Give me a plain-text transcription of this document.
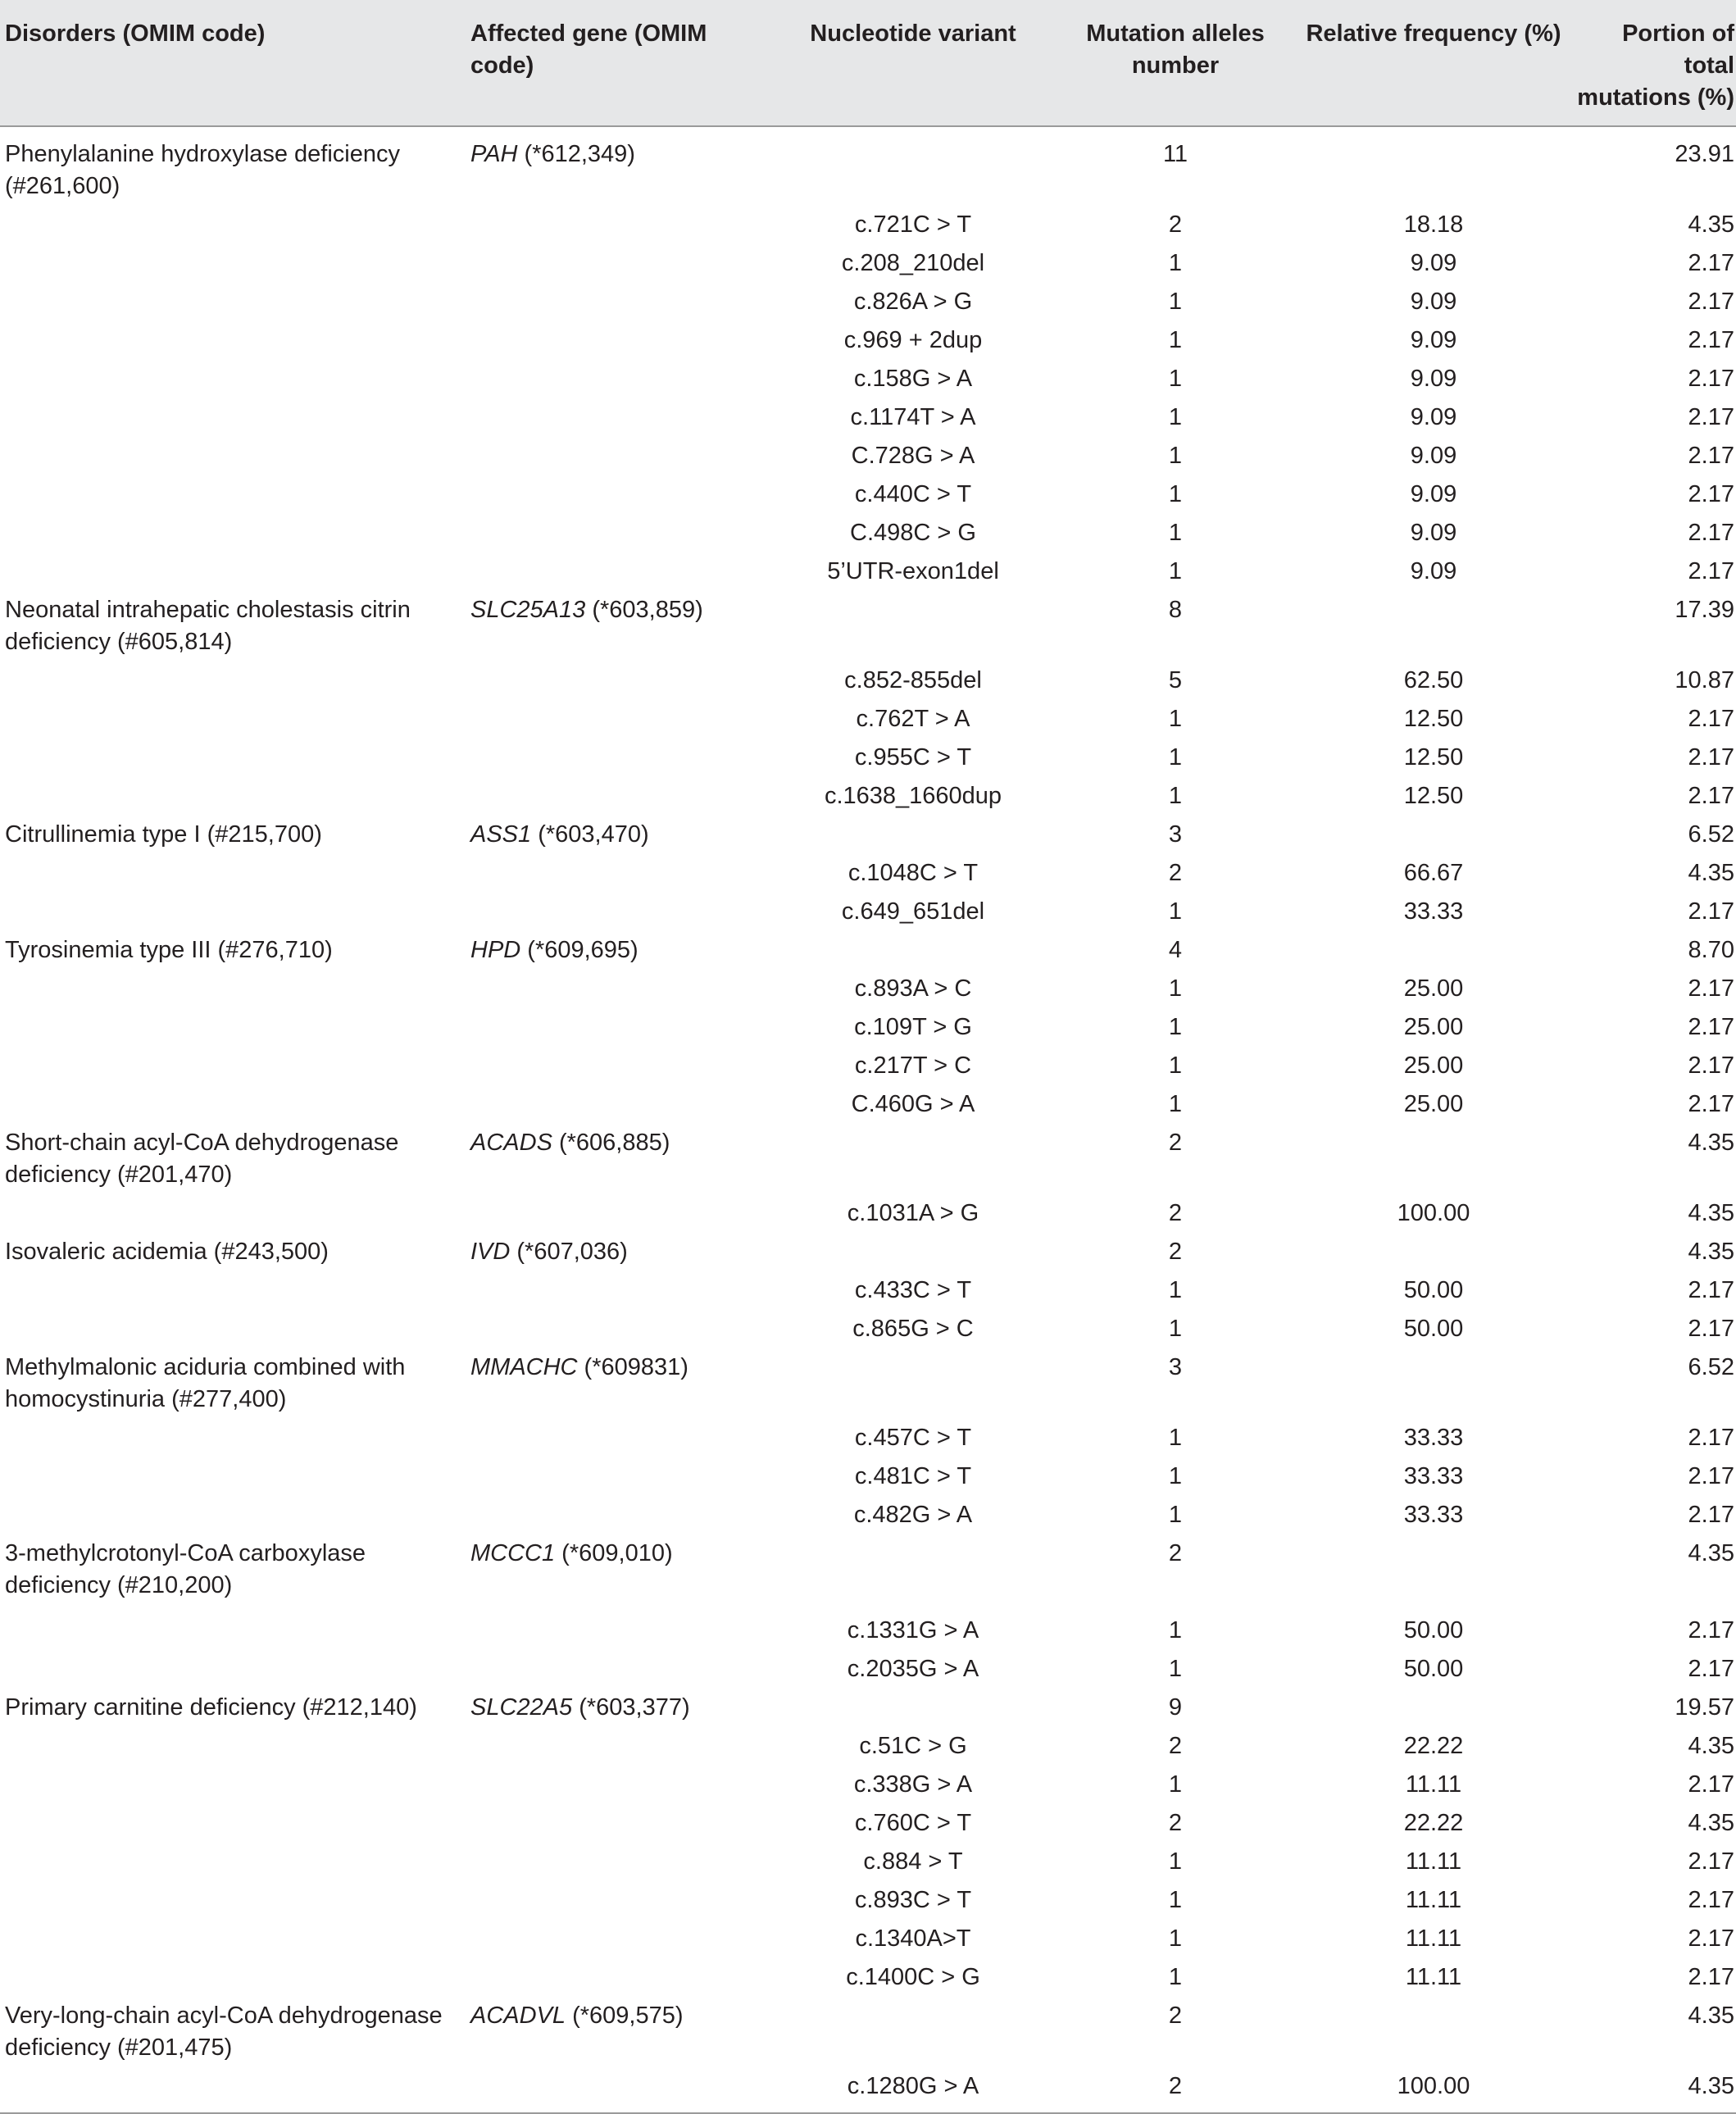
Disorders (OMIM code)	Affected gene (OMIM code)	Nucleotide variant	Mutation alleles number	Relative frequency (%)	Portion of total mutations (%)
Phenylalanine hydroxylase deficiency (#261,600)	PAH (*612,349)		11		23.91
		c.721C > T	2	18.18	4.35
		c.208_210del	1	9.09	2.17
		c.826A > G	1	9.09	2.17
		c.969 + 2dup	1	9.09	2.17
		c.158G > A	1	9.09	2.17
		c.1174T > A	1	9.09	2.17
		C.728G > A	1	9.09	2.17
		c.440C > T	1	9.09	2.17
		C.498C > G	1	9.09	2.17
		5’UTR-exon1del	1	9.09	2.17
Neonatal intrahepatic cholestasis citrin deficiency (#605,814)	SLC25A13 (*603,859)		8		17.39
		c.852-855del	5	62.50	10.87
		c.762T > A	1	12.50	2.17
		c.955C > T	1	12.50	2.17
		c.1638_1660dup	1	12.50	2.17
Citrullinemia type I (#215,700)	ASS1 (*603,470)		3		6.52
		c.1048C > T	2	66.67	4.35
		c.649_651del	1	33.33	2.17
Tyrosinemia type III (#276,710)	HPD (*609,695)		4		8.70
		c.893A > C	1	25.00	2.17
		c.109T > G	1	25.00	2.17
		c.217T > C	1	25.00	2.17
		C.460G > A	1	25.00	2.17
Short-chain acyl-CoA dehydrogenase deficiency (#201,470)	ACADS (*606,885)		2		4.35
		c.1031A > G	2	100.00	4.35
Isovaleric acidemia (#243,500)	IVD (*607,036)		2		4.35
		c.433C > T	1	50.00	2.17
		c.865G > C	1	50.00	2.17
Methylmalonic aciduria combined with homocystinuria (#277,400)	MMACHC (*609831)		3		6.52
		c.457C > T	1	33.33	2.17
		c.481C > T	1	33.33	2.17
		c.482G > A	1	33.33	2.17
3-methylcrotonyl-CoA carboxylase deficiency (#210,200)	MCCC1 (*609,010)		2		4.35

		c.1331G > A	1	50.00	2.17
		c.2035G > A	1	50.00	2.17
Primary carnitine deficiency (#212,140)	SLC22A5 (*603,377)		9		19.57
		c.51C > G	2	22.22	4.35
		c.338G > A	1	11.11	2.17
		c.760C > T	2	22.22	4.35
		c.884 > T	1	11.11	2.17
		c.893C > T	1	11.11	2.17
		c.1340A>T	1	11.11	2.17
		c.1400C > G	1	11.11	2.17
Very-long-chain acyl-CoA dehydrogenase deficiency (#201,475)	ACADVL (*609,575)		2		4.35
		c.1280G > A	2	100.00	4.35
